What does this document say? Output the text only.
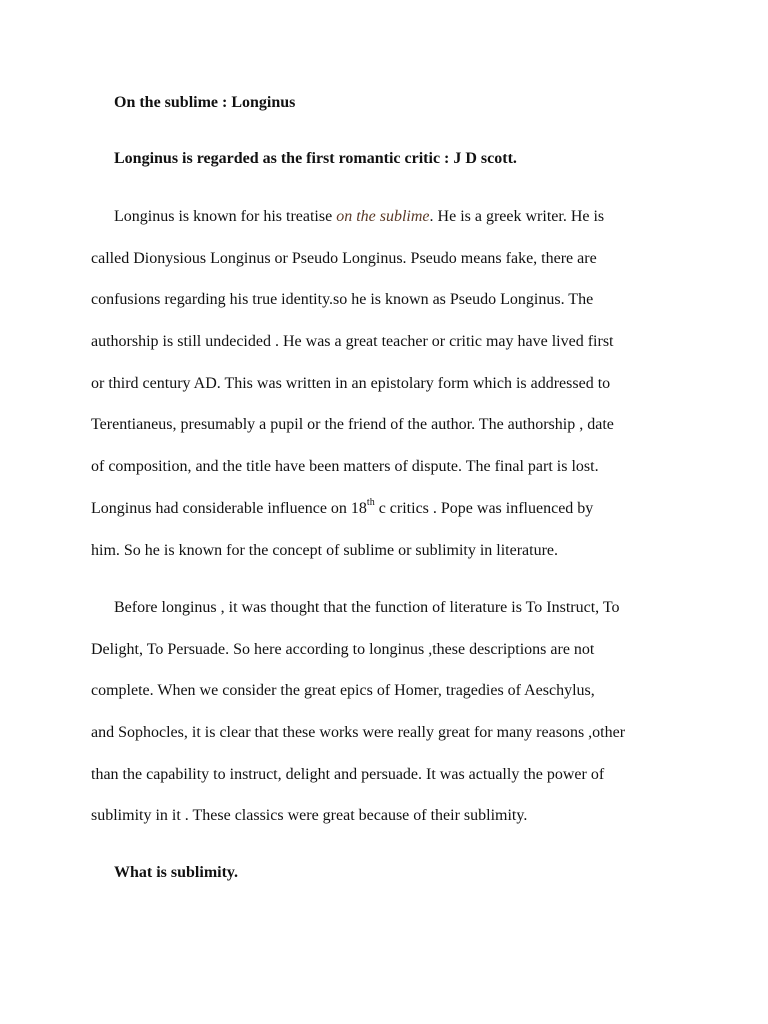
On the sublime : Longinus

Longinus is regarded as the first romantic critic : J D scott.

Longinus is known for his treatise on the sublime. He is a greek writer. He is
called Dionysious Longinus or Pseudo Longinus. Pseudo means fake, there are
confusions regarding his true identity.so he is known as Pseudo Longinus. The
authorship is still undecided . He was a great teacher or critic may have lived first
or third century AD. This was written in an epistolary form which is addressed to
Terentianeus, presumably a pupil or the friend of the author. The authorship , date
of composition, and the title have been matters of dispute. The final part is lost.
Longinus had considerable influence on 18th c critics . Pope was influenced by
him. So he is known for the concept of sublime or sublimity in literature.
Before longinus , it was thought that the function of literature is To Instruct, To
Delight, To Persuade. So here according to longinus ,these descriptions are not
complete. When we consider the great epics of Homer, tragedies of Aeschylus,
and Sophocles, it is clear that these works were really great for many reasons ,other
than the capability to instruct, delight and persuade. It was actually the power of
sublimity in it . These classics were great because of their sublimity.

What is sublimity.
